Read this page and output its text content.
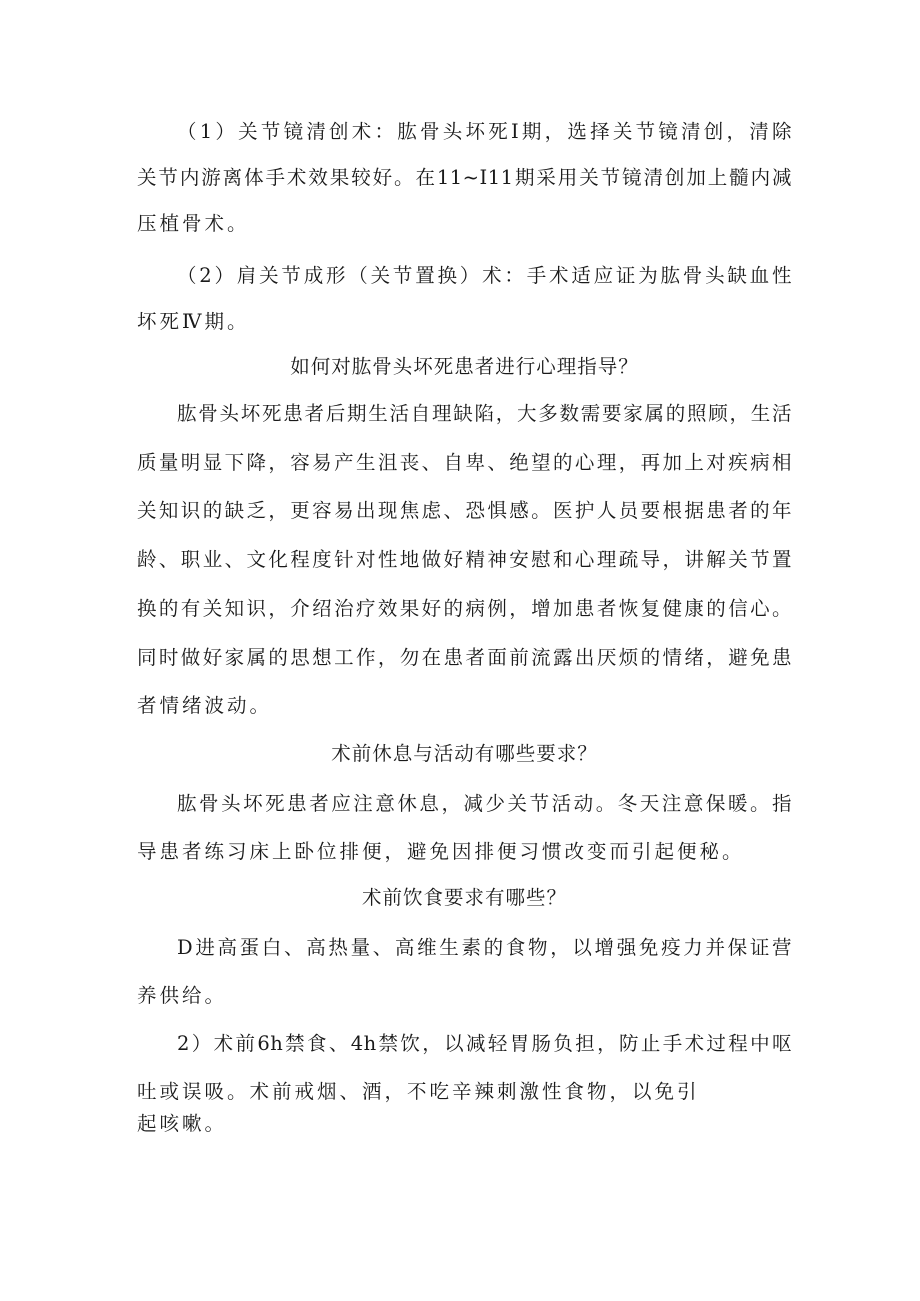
（1）关节镜清创术：肱骨头坏死Ⅰ期，选择关节镜清创，清除
关节内游离体手术效果较好。在11~I11期采用关节镜清创加上髓内减
压植骨术。
（2）肩关节成形（关节置换）术：手术适应证为肱骨头缺血性
坏死Ⅳ期。
如何对肱骨头坏死患者进行心理指导？
肱骨头坏死患者后期生活自理缺陷，大多数需要家属的照顾，生活
质量明显下降，容易产生沮丧、自卑、绝望的心理，再加上对疾病相
关知识的缺乏，更容易出现焦虑、恐惧感。医护人员要根据患者的年
龄、职业、文化程度针对性地做好精神安慰和心理疏导，讲解关节置
换的有关知识，介绍治疗效果好的病例，增加患者恢复健康的信心。
同时做好家属的思想工作，勿在患者面前流露出厌烦的情绪，避免患
者情绪波动。
术前休息与活动有哪些要求？
肱骨头坏死患者应注意休息，减少关节活动。冬天注意保暖。指
导患者练习床上卧位排便，避免因排便习惯改变而引起便秘。
术前饮食要求有哪些？
D进高蛋白、高热量、高维生素的食物，以增强免疫力并保证营
养供给。
2）术前6h禁食、4h禁饮，以减轻胃肠负担，防止手术过程中呕
吐或误吸。术前戒烟、酒，不吃辛辣刺激性食物，以免引
起咳嗽。
